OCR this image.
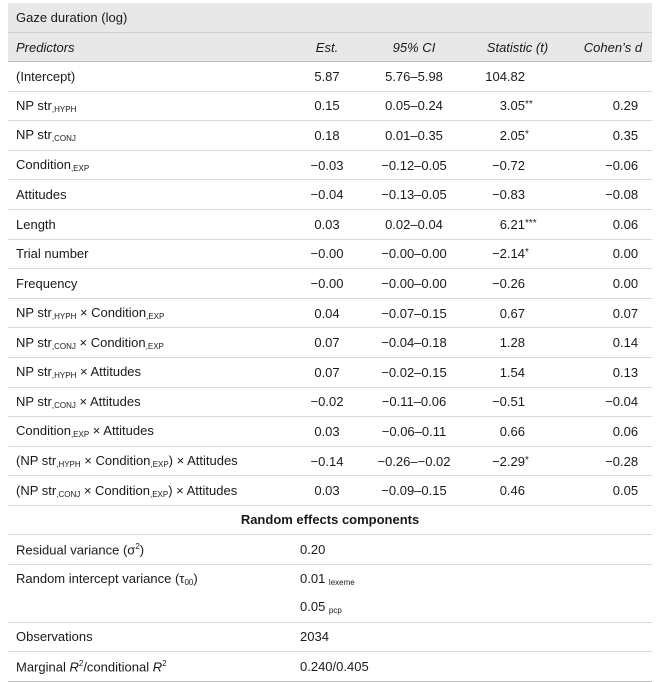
Gaze duration (log)				
Predictors	Est.	95% CI	Statistic (t)	Cohen’s d
(Intercept)	5.87	5.76–5.98	104.82	
NP str$_{,HYPH}$	0.15	0.05–0.24	3.05**	0.29
NP str$_{,CONJ}$	0.18	0.01–0.35	2.05*	0.35
Condition$_{,EXP}$	−0.03	−0.12–0.05	−0.72	−0.06
Attitudes	−0.04	−0.13–0.05	−0.83	−0.08
Length	0.03	0.02–0.04	6.21***	0.06
Trial number	−0.00	−0.00–0.00	−2.14*	0.00
Frequency	−0.00	−0.00–0.00	−0.26	0.00
NP str$_{,HYPH}$ × Condition$_{,EXP}$	0.04	−0.07–0.15	0.67	0.07
NP str$_{,CONJ}$ × Condition$_{,EXP}$	0.07	−0.04–0.18	1.28	0.14
NP str$_{,HYPH}$ × Attitudes	0.07	−0.02–0.15	1.54	0.13
NP str$_{,CONJ}$ × Attitudes	−0.02	−0.11–0.06	−0.51	−0.04
Condition$_{,EXP}$ × Attitudes	0.03	−0.06–0.11	0.66	0.06
(NP str$_{,HYPH}$ × Condition$_{,EXP}$) × Attitudes	−0.14	−0.26–−0.02	−2.29*	−0.28
(NP str$_{,CONJ}$ × Condition$_{,EXP}$) × Attitudes	0.03	−0.09–0.15	0.46	0.05
Random effects components				
Residual variance $(\sigma^2)$	0.20			
Random intercept variance $(\tau_{00})$	0.01 $_{lexeme}$
	0.05 $_{pcp}$
Observations	2034			
Marginal $R^2$/conditional $R^2$	0.240/0.405			
